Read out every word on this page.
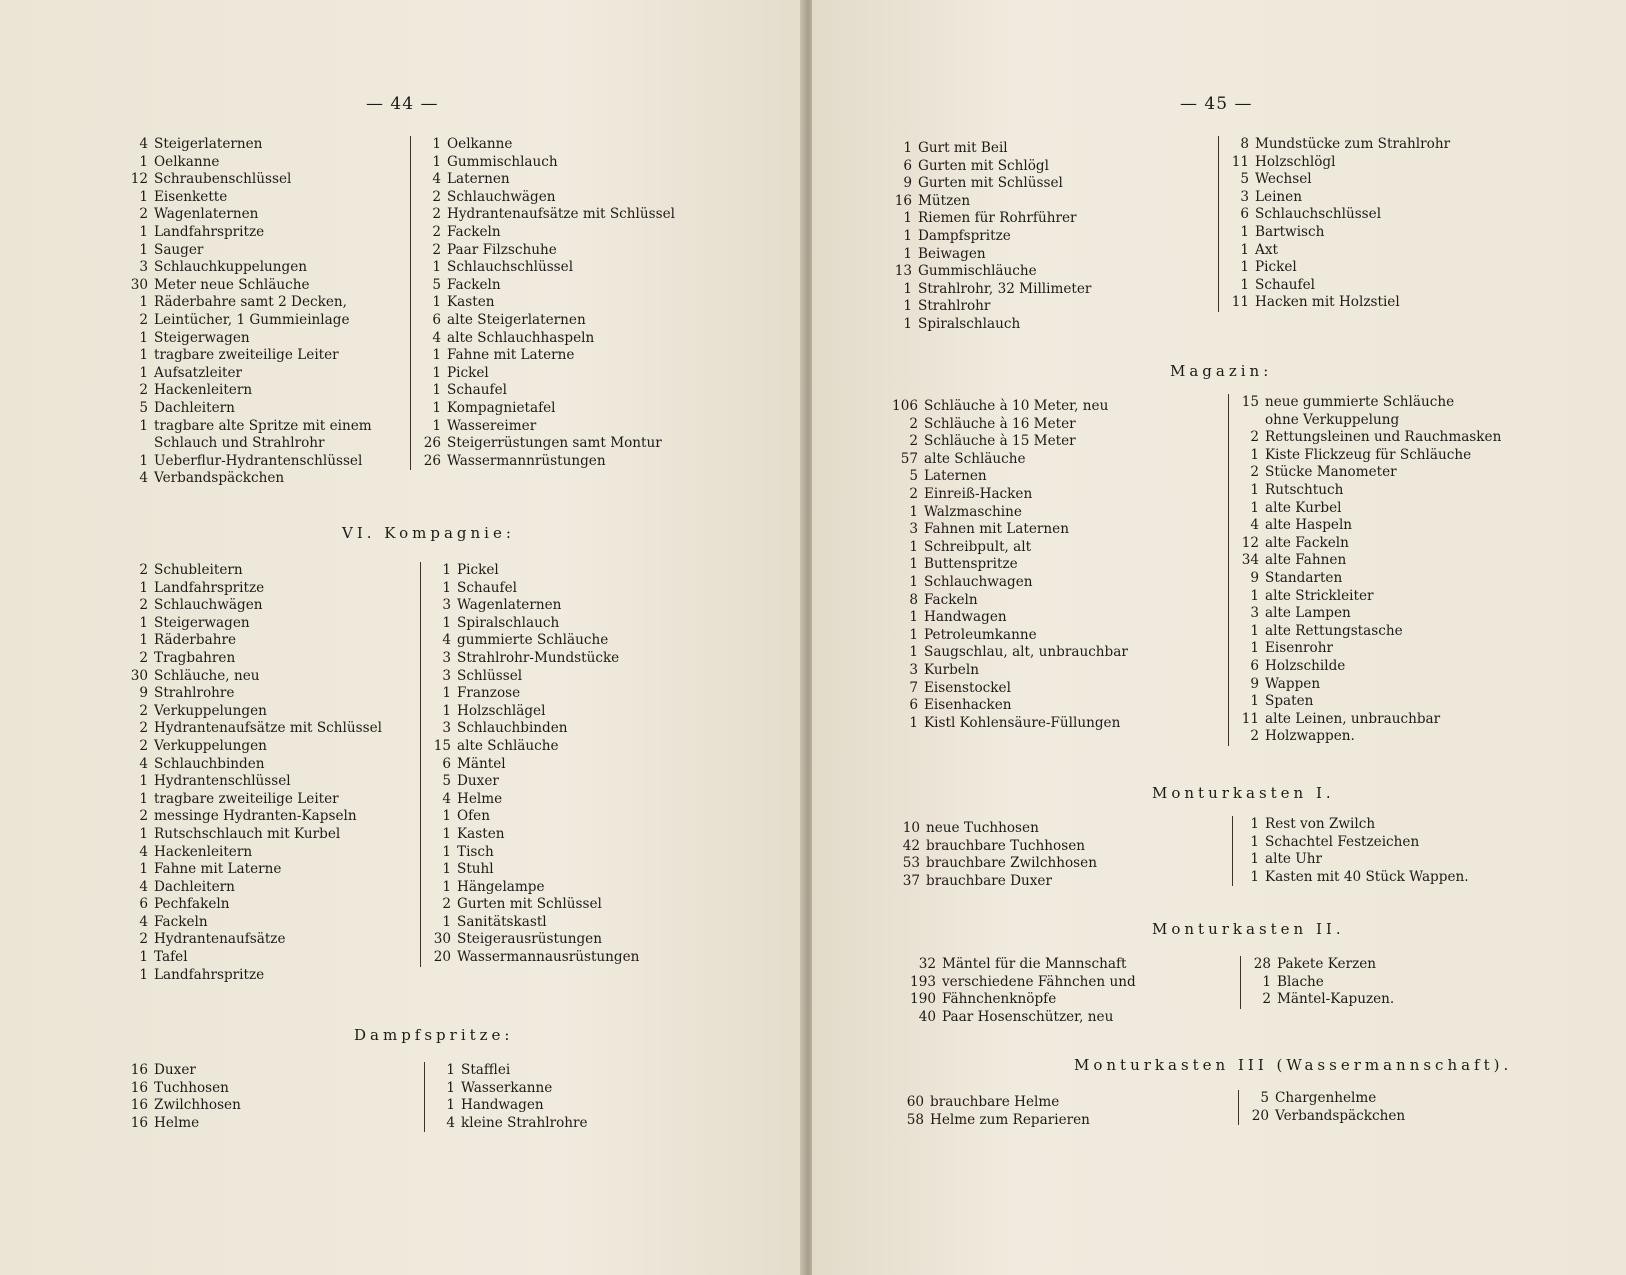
— 44 —
4 Steigerlaternen
1 Oelkanne
12 Schraubenschlüssel
1 Eisenkette
2 Wagenlaternen
1 Landfahrspritze
1 Sauger
3 Schlauchkuppelungen
30 Meter neue Schläuche
1 Räderbahre samt 2 Decken,
2 Leintücher, 1 Gummieinlage
1 Steigerwagen
1 tragbare zweiteilige Leiter
1 Aufsatzleiter
2 Hackenleitern
5 Dachleitern
1 tragbare alte Spritze mit einem
Schlauch und Strahlrohr
1 Ueberflur-Hydrantenschlüssel
4 Verbandspäckchen
1 Oelkanne
1 Gummischlauch
4 Laternen
2 Schlauchwägen
2 Hydrantenaufsätze mit Schlüssel
2 Fackeln
2 Paar Filzschuhe
1 Schlauchschlüssel
5 Fackeln
1 Kasten
6 alte Steigerlaternen
4 alte Schlauchhaspeln
1 Fahne mit Laterne
1 Pickel
1 Schaufel
1 Kompagnietafel
1 Wassereimer
26 Steigerrüstungen samt Montur
26 Wassermannrüstungen
VI. Kompagnie:
2 Schubleitern
1 Landfahrspritze
2 Schlauchwägen
1 Steigerwagen
1 Räderbahre
2 Tragbahren
30 Schläuche, neu
9 Strahlrohre
2 Verkuppelungen
2 Hydrantenaufsätze mit Schlüssel
2 Verkuppelungen
4 Schlauchbinden
1 Hydrantenschlüssel
1 tragbare zweiteilige Leiter
2 messinge Hydranten-Kapseln
1 Rutschschlauch mit Kurbel
4 Hackenleitern
1 Fahne mit Laterne
4 Dachleitern
6 Pechfakeln
4 Fackeln
2 Hydrantenaufsätze
1 Tafel
1 Landfahrspritze
1 Pickel
1 Schaufel
3 Wagenlaternen
1 Spiralschlauch
4 gummierte Schläuche
3 Strahlrohr-Mundstücke
3 Schlüssel
1 Franzose
1 Holzschlägel
3 Schlauchbinden
15 alte Schläuche
6 Mäntel
5 Duxer
4 Helme
1 Ofen
1 Kasten
1 Tisch
1 Stuhl
1 Hängelampe
2 Gurten mit Schlüssel
1 Sanitätskastl
30 Steigerausrüstungen
20 Wassermannausrüstungen
Dampfspritze:
16 Duxer
16 Tuchhosen
16 Zwilchhosen
16 Helme
1 Stafflei
1 Wasserkanne
1 Handwagen
4 kleine Strahlrohre
— 45 —
1 Gurt mit Beil
6 Gurten mit Schlögl
9 Gurten mit Schlüssel
16 Mützen
1 Riemen für Rohrführer
1 Dampfspritze
1 Beiwagen
13 Gummischläuche
1 Strahlrohr, 32 Millimeter
1 Strahlrohr
1 Spiralschlauch
8 Mundstücke zum Strahlrohr
11 Holzschlögl
5 Wechsel
3 Leinen
6 Schlauchschlüssel
1 Bartwisch
1 Axt
1 Pickel
1 Schaufel
11 Hacken mit Holzstiel
Magazin:
106 Schläuche à 10 Meter, neu
2 Schläuche à 16 Meter
2 Schläuche à 15 Meter
57 alte Schläuche
5 Laternen
2 Einreiß-Hacken
1 Walzmaschine
3 Fahnen mit Laternen
1 Schreibpult, alt
1 Buttenspritze
1 Schlauchwagen
8 Fackeln
1 Handwagen
1 Petroleumkanne
1 Saugschlau, alt, unbrauchbar
3 Kurbeln
7 Eisenstockel
6 Eisenhacken
1 Kistl Kohlensäure-Füllungen
15 neue gummierte Schläuche
ohne Verkuppelung
2 Rettungsleinen und Rauchmasken
1 Kiste Flickzeug für Schläuche
2 Stücke Manometer
1 Rutschtuch
1 alte Kurbel
4 alte Haspeln
12 alte Fackeln
34 alte Fahnen
9 Standarten
1 alte Strickleiter
3 alte Lampen
1 alte Rettungstasche
1 Eisenrohr
6 Holzschilde
9 Wappen
1 Spaten
11 alte Leinen, unbrauchbar
2 Holzwappen.
Monturkasten I.
10 neue Tuchhosen
42 brauchbare Tuchhosen
53 brauchbare Zwilchhosen
37 brauchbare Duxer
1 Rest von Zwilch
1 Schachtel Festzeichen
1 alte Uhr
1 Kasten mit 40 Stück Wappen.
Monturkasten II.
32 Mäntel für die Mannschaft
193 verschiedene Fähnchen und
190 Fähnchenknöpfe
40 Paar Hosenschützer, neu
28 Pakete Kerzen
1 Blache
2 Mäntel-Kapuzen.
Monturkasten III (Wassermannschaft).
60 brauchbare Helme
58 Helme zum Reparieren
5 Chargenhelme
20 Verbandspäckchen
